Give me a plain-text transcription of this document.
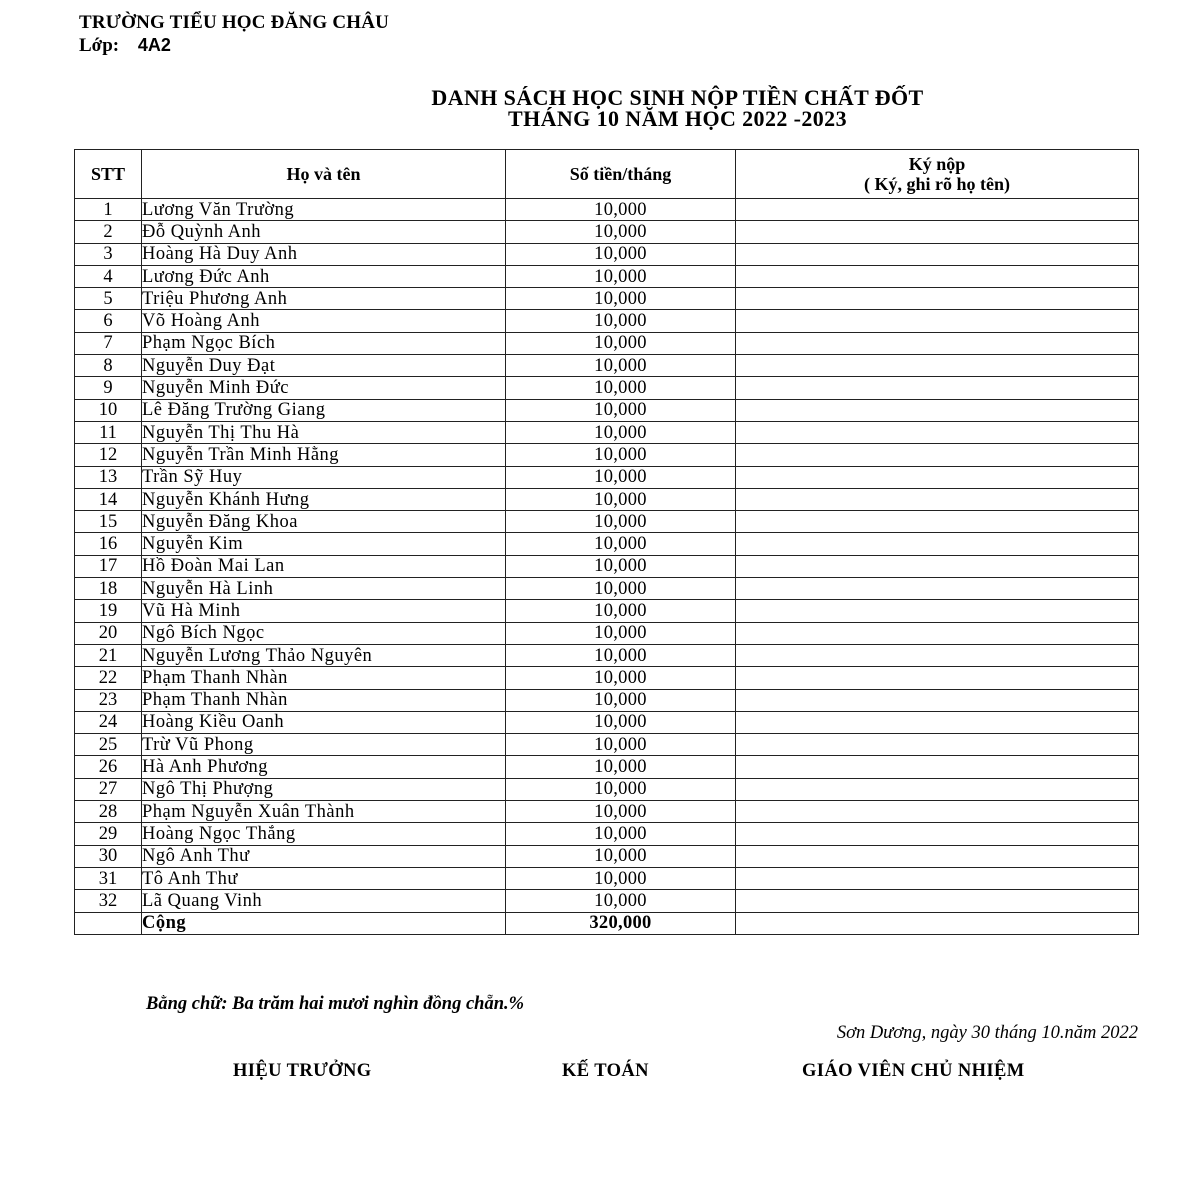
TRƯỜNG TIỂU HỌC ĐĂNG CHÂU
Lớp: 4A2
DANH SÁCH HỌC SINH NỘP TIỀN CHẤT ĐỐT
THÁNG 10 NĂM HỌC 2022 -2023
STT	Họ và tên	Số tiền/tháng	Ký nộp
( Ký, ghi rõ họ tên)

1	Lương Văn Trường	10,000	
2	Đỗ Quỳnh Anh	10,000	
3	Hoàng Hà Duy Anh	10,000	
4	Lương Đức Anh	10,000	
5	Triệu Phương Anh	10,000	
6	Võ Hoàng Anh	10,000	
7	Phạm Ngọc Bích	10,000	
8	Nguyễn Duy Đạt	10,000	
9	Nguyễn Minh Đức	10,000	
10	Lê Đăng Trường Giang	10,000	
11	Nguyễn Thị Thu Hà	10,000	
12	Nguyễn Trần Minh Hằng	10,000	
13	Trần Sỹ Huy	10,000	
14	Nguyễn Khánh Hưng	10,000	
15	Nguyễn Đăng Khoa	10,000	
16	Nguyễn Kim	10,000	
17	Hồ Đoàn Mai Lan	10,000	
18	Nguyễn Hà Linh	10,000	
19	Vũ Hà Minh	10,000	
20	Ngô Bích Ngọc	10,000	
21	Nguyễn Lương Thảo Nguyên	10,000	
22	Phạm Thanh Nhàn	10,000	
23	Phạm Thanh Nhàn	10,000	
24	Hoàng Kiều Oanh	10,000	
25	Trừ Vũ Phong	10,000	
26	Hà Anh Phương	10,000	
27	Ngô Thị Phượng	10,000	
28	Phạm Nguyễn Xuân Thành	10,000	
29	Hoàng Ngọc Thắng	10,000	
30	Ngô Anh Thư	10,000	
31	Tô Anh Thư	10,000	
32	Lã Quang Vinh	10,000	
	Cộng	320,000	
Bằng chữ: Ba trăm hai mươi nghìn đồng chẵn.%
Sơn Dương, ngày 30 tháng 10.năm 2022
HIỆU TRƯỞNG	KẾ TOÁN	GIÁO VIÊN CHỦ NHIỆM
